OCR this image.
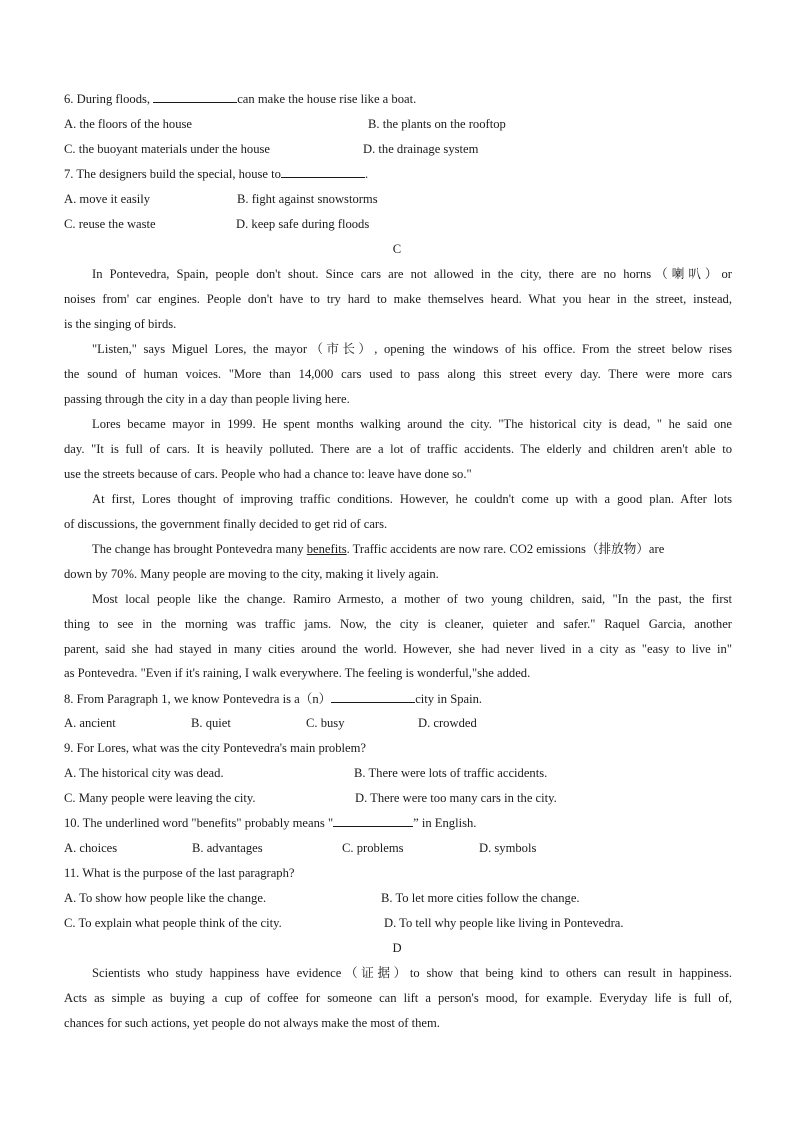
6. During floods,	can make the house rise like a boat.
A. the floors of the house	B. the plants on the rooftop
C. the buoyant materials under the house	D. the drainage system
7. The designers build the special, house to	.
A. move it easily	B. fight against snowstorms
C. reuse the waste	D. keep safe during floods
C
In Pontevedra, Spain, people don't shout. Since cars are not allowed in the city, there are no horns（喇叭）or
noises from' car engines. People don't have to try hard to make themselves heard. What you hear in the street, instead,
is the singing of birds.
"Listen," says Miguel Lores, the mayor（市长）, opening the windows of his office. From the street below rises
the sound of human voices. "More than 14,000 cars used to pass along this street every day. There were more cars
passing through the city in a day than people living here.
Lores became mayor in 1999. He spent months walking around the city. "The historical city is dead, " he said one
day. "It is full of cars. It is heavily polluted. There are a lot of traffic accidents. The elderly and children aren't able to
use the streets because of cars. People who had a chance to: leave have done so."
At first, Lores thought of improving traffic conditions. However, he couldn't come up with a good plan. After lots
of discussions, the government finally decided to get rid of cars.
The change has brought Pontevedra many benefits. Traffic accidents are now rare. CO2 emissions（排放物）are
down by 70%. Many people are moving to the city, making it lively again.
Most local people like the change. Ramiro Armesto, a mother of two young children, said, "In the past, the first
thing to see in the morning was traffic jams. Now, the city is cleaner, quieter and safer." Raquel Garcia, another
parent, said she had stayed in many cities around the world. However, she had never lived in a city as "easy to live in"
as Pontevedra. "Even if it's raining, I walk everywhere. The feeling is wonderful,"she added.
8. From Paragraph 1, we know Pontevedra is a（n）	city in Spain.
A. ancient	B. quiet	C. busy	D. crowded
9. For Lores, what was the city Pontevedra's main problem?
A. The historical city was dead.	B. There were lots of traffic accidents.
C. Many people were leaving the city.	D. There were too many cars in the city.
10. The underlined word "benefits" probably means "	” in English.
A. choices	B. advantages	C. problems	D. symbols
11. What is the purpose of the last paragraph?
A. To show how people like the change.	B. To let more cities follow the change.
C. To explain what people think of the city.	D. To tell why people like living in Pontevedra.
D
Scientists who study happiness have evidence（证据）to show that being kind to others can result in happiness.
Acts as simple as buying a cup of coffee for someone can lift a person's mood, for example. Everyday life is full of,
chances for such actions, yet people do not always make the most of them.
